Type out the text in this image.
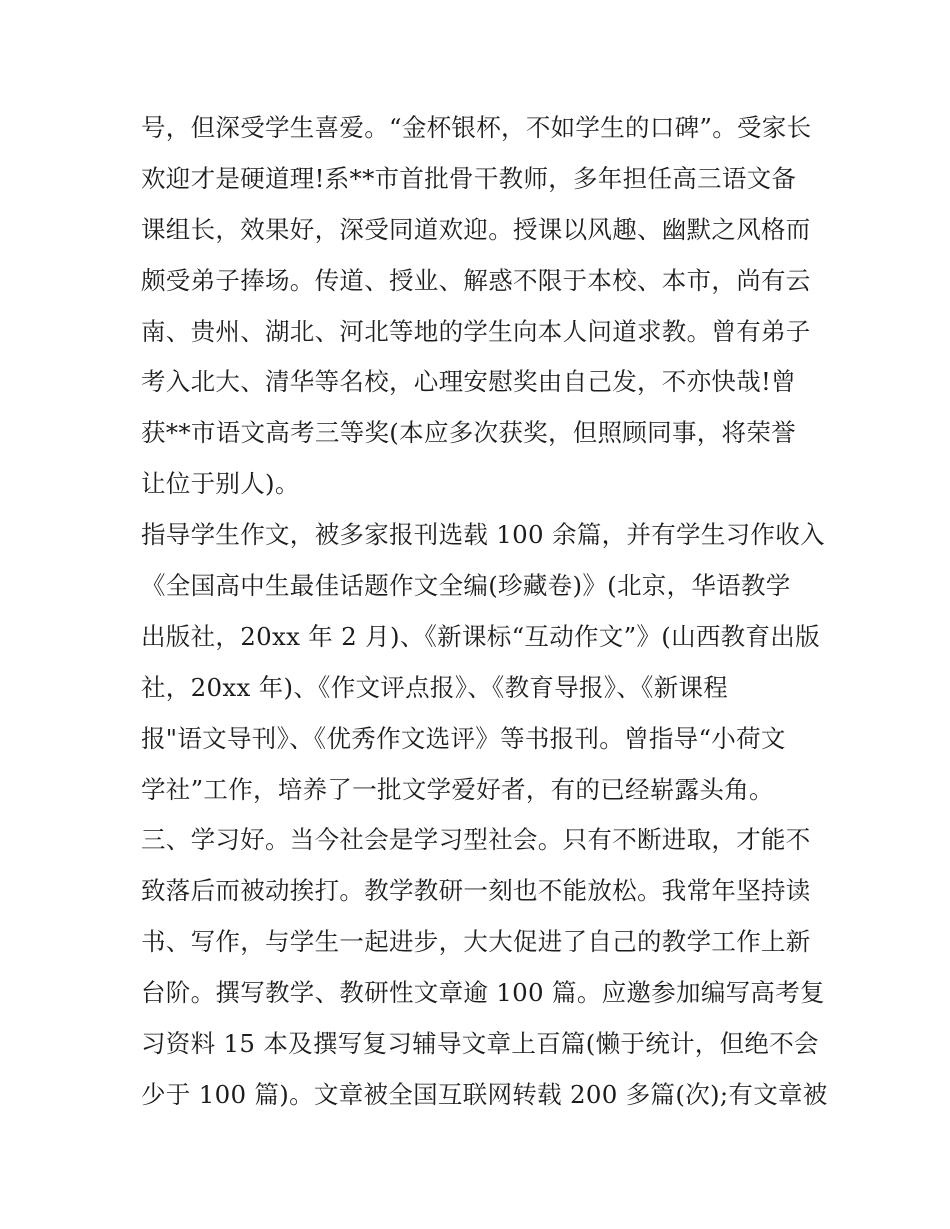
号，但深受学生喜爱。“金杯银杯，不如学生的口碑”。受家长
欢迎才是硬道理!系**市首批骨干教师，多年担任高三语文备
课组长，效果好，深受同道欢迎。授课以风趣、幽默之风格而
颇受弟子捧场。传道、授业、解惑不限于本校、本市，尚有云
南、贵州、湖北、河北等地的学生向本人问道求教。曾有弟子
考入北大、清华等名校，心理安慰奖由自己发，不亦快哉!曾
获**市语文高考三等奖(本应多次获奖，但照顾同事，将荣誉
让位于别人)。
指导学生作文，被多家报刊选载 100 余篇，并有学生习作收入
《全国高中生最佳话题作文全编(珍藏卷)》(北京，华语教学
出版社，20xx 年 2 月)、《新课标“互动作文”》(山西教育出版
社，20xx 年)、《作文评点报》、《教育导报》、《新课程
报"语文导刊》、《优秀作文选评》等书报刊。曾指导“小荷文
学社”工作，培养了一批文学爱好者，有的已经崭露头角。
三、学习好。当今社会是学习型社会。只有不断进取，才能不
致落后而被动挨打。教学教研一刻也不能放松。我常年坚持读
书、写作，与学生一起进步，大大促进了自己的教学工作上新
台阶。撰写教学、教研性文章逾 100 篇。应邀参加编写高考复
习资料 15 本及撰写复习辅导文章上百篇(懒于统计，但绝不会
少于 100 篇)。文章被全国互联网转载 200 多篇(次);有文章被
